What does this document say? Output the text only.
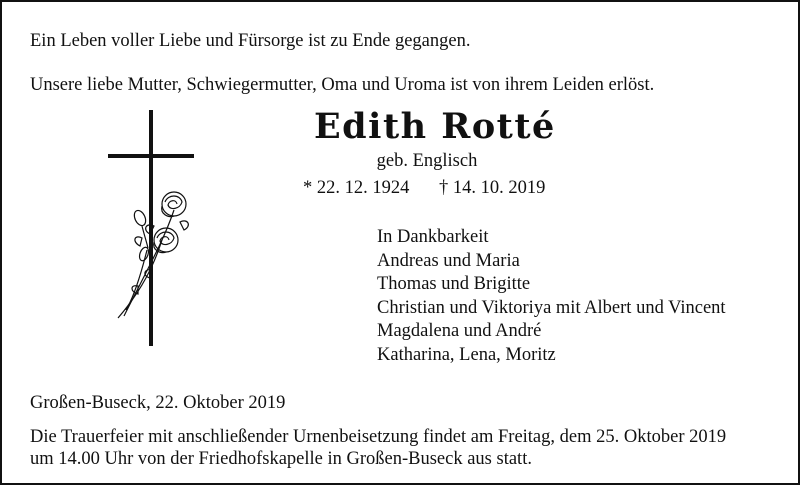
Ein Leben voller Liebe und Fürsorge ist zu Ende gegangen.
Unsere liebe Mutter, Schwiegermutter, Oma und Uroma ist von ihrem Leiden erlöst.
Edith Rotté
geb. Englisch
* 22. 12. 1924 † 14. 10. 2019
In Dankbarkeit
Andreas und Maria
Thomas und Brigitte
Christian und Viktoriya mit Albert und Vincent
Magdalena und André
Katharina, Lena, Moritz
Großen-Buseck, 22. Oktober 2019
Die Trauerfeier mit anschließender Urnenbeisetzung findet am Freitag, dem 25. Oktober 2019
um 14.00 Uhr von der Friedhofskapelle in Großen-Buseck aus statt.
